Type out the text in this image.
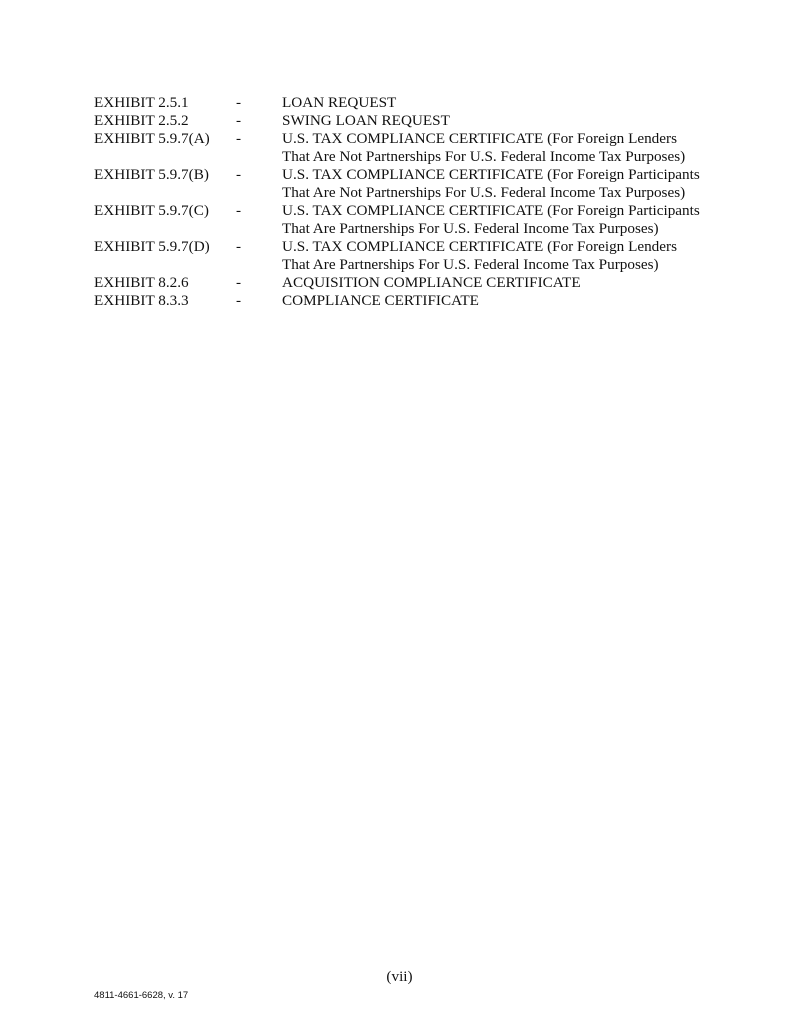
EXHIBIT 2.5.1	-	LOAN REQUEST
EXHIBIT 2.5.2	-	SWING LOAN REQUEST
EXHIBIT 5.9.7(A)	-	U.S. TAX COMPLIANCE CERTIFICATE (For Foreign Lenders That Are Not Partnerships For U.S. Federal Income Tax Purposes)
EXHIBIT 5.9.7(B)	-	U.S. TAX COMPLIANCE CERTIFICATE (For Foreign Participants That Are Not Partnerships For U.S. Federal Income Tax Purposes)
EXHIBIT 5.9.7(C)	-	U.S. TAX COMPLIANCE CERTIFICATE (For Foreign Participants That Are Partnerships For U.S. Federal Income Tax Purposes)
EXHIBIT 5.9.7(D)	-	U.S. TAX COMPLIANCE CERTIFICATE (For Foreign Lenders That Are Partnerships For U.S. Federal Income Tax Purposes)
EXHIBIT 8.2.6	-	ACQUISITION COMPLIANCE CERTIFICATE
EXHIBIT 8.3.3	-	COMPLIANCE CERTIFICATE
(vii)
4811-4661-6628, v. 17
